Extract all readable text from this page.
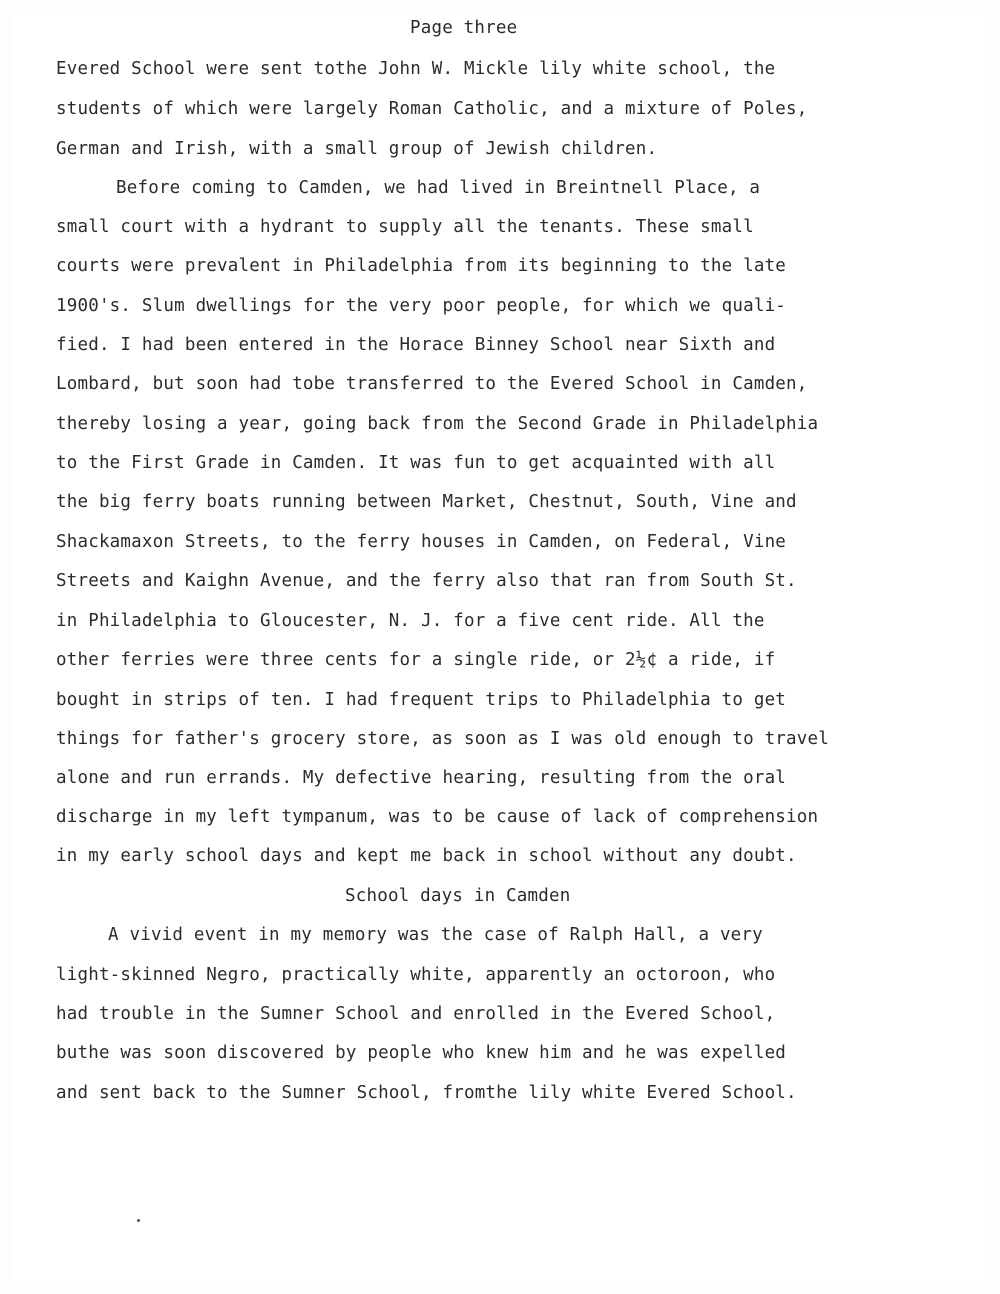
Page three

Evered School were sent tothe John W. Mickle lily white school, the

students of which were largely Roman Catholic, and a mixture of Poles,

German and Irish, with a small group of Jewish children.

Before coming to Camden, we had lived in Breintnell Place, a

small court with a hydrant to supply all the tenants. These small

courts were prevalent in Philadelphia from its beginning to the late

1900's. Slum dwellings for the very poor people, for which we quali-

fied. I had been entered in the Horace Binney School near Sixth and

Lombard, but soon had tobe transferred to the Evered School in Camden,

thereby losing a year, going back from the Second Grade in Philadelphia

to the First Grade in Camden. It was fun to get acquainted with all

the big ferry boats running between Market, Chestnut, South, Vine and

Shackamaxon Streets, to the ferry houses in Camden, on Federal, Vine

Streets and Kaighn Avenue, and the ferry also that ran from South St.

in Philadelphia to Gloucester, N. J. for a five cent ride. All the

other ferries were three cents for a single ride, or 2½¢ a ride, if

bought in strips of ten. I had frequent trips to Philadelphia to get

things for father's grocery store, as soon as I was old enough to travel

alone and run errands. My defective hearing, resulting from the oral

discharge in my left tympanum, was to be cause of lack of comprehension

in my early school days and kept me back in school without any doubt.

School days in Camden

A vivid event in my memory was the case of Ralph Hall, a very

light-skinned Negro, practically white, apparently an octoroon, who

had trouble in the Sumner School and enrolled in the Evered School,

buthe was soon discovered by people who knew him and he was expelled

and sent back to the Sumner School, fromthe lily white Evered School.
